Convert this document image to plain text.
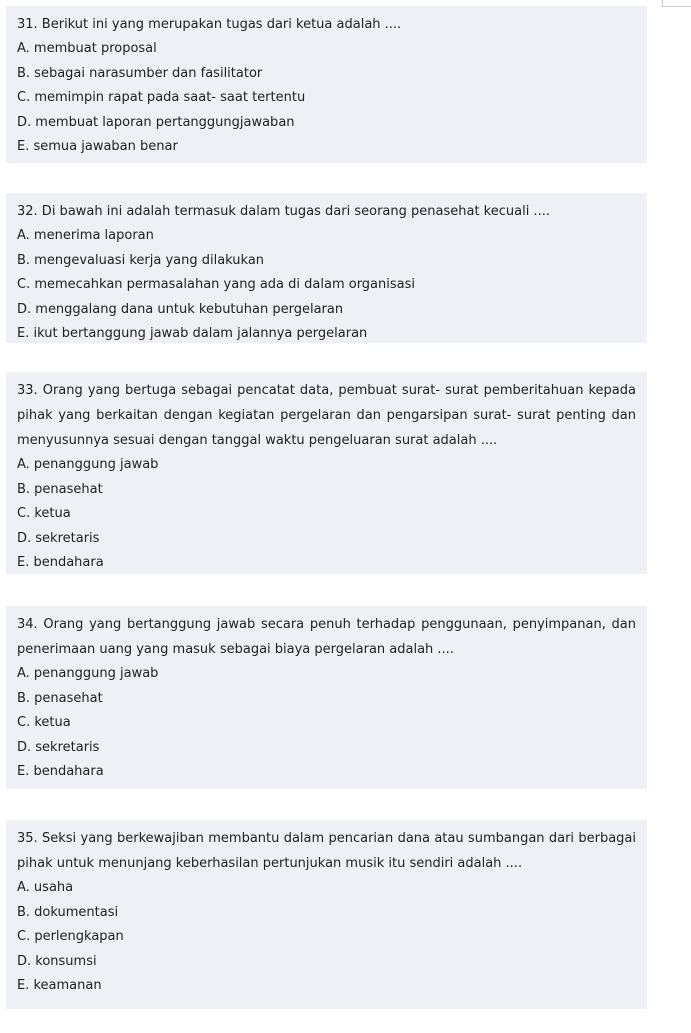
31. Berikut ini yang merupakan tugas dari ketua adalah ....

A. membuat proposal

B. sebagai narasumber dan fasilitator

C. memimpin rapat pada saat- saat tertentu

D. membuat laporan pertanggungjawaban

E. semua jawaban benar

32. Di bawah ini adalah termasuk dalam tugas dari seorang penasehat kecuali ....

A. menerima laporan

B. mengevaluasi kerja yang dilakukan

C. memecahkan permasalahan yang ada di dalam organisasi

D. menggalang dana untuk kebutuhan pergelaran

E. ikut bertanggung jawab dalam jalannya pergelaran

33. Orang yang bertuga sebagai pencatat data, pembuat surat- surat pemberitahuan kepada pihak yang berkaitan dengan kegiatan pergelaran dan pengarsipan surat- surat penting dan menyusunnya sesuai dengan tanggal waktu pengeluaran surat adalah ....

A. penanggung jawab

B. penasehat

C. ketua

D. sekretaris

E. bendahara

34. Orang yang bertanggung jawab secara penuh terhadap penggunaan, penyimpanan, dan penerimaan uang yang masuk sebagai biaya pergelaran adalah ....

A. penanggung jawab

B. penasehat

C. ketua

D. sekretaris

E. bendahara

35. Seksi yang berkewajiban membantu dalam pencarian dana atau sumbangan dari berbagai pihak untuk menunjang keberhasilan pertunjukan musik itu sendiri adalah ....

A. usaha

B. dokumentasi

C. perlengkapan

D. konsumsi

E. keamanan
